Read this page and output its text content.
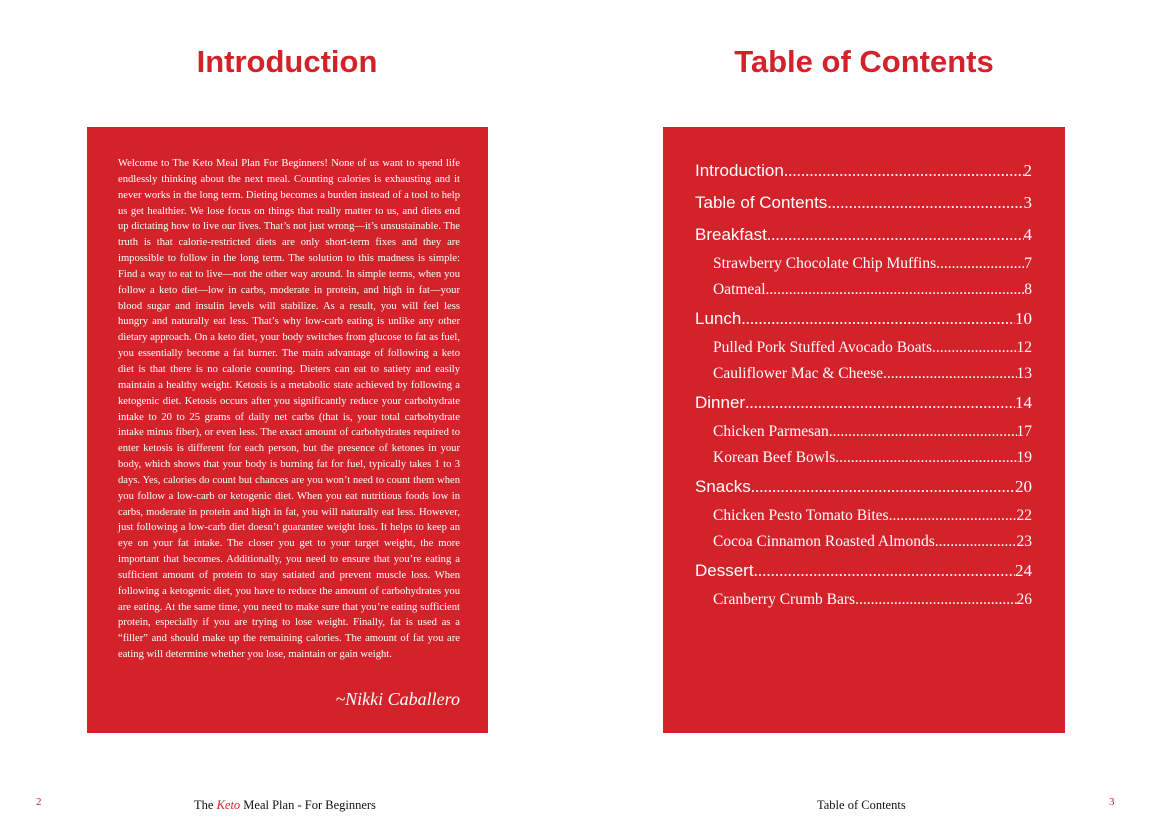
Introduction	Table of Contents

Welcome to The Keto Meal Plan For Beginners! None of us want to spend life endlessly thinking about the next meal. Counting calories is exhausting and it never works in the long term. Dieting becomes a burden instead of a tool to help us get healthier. We lose focus on things that really matter to us, and diets end up dictating how to live our lives. That’s not just wrong—it’s unsustainable. The truth is that calorie-restricted diets are only short-term fixes and they are impossible to follow in the long term. The solution to this madness is simple: Find a way to eat to live—not the other way around. In simple terms, when you follow a keto diet—low in carbs, moderate in protein, and high in fat—your blood sugar and insulin levels will stabilize. As a result, you will feel less hungry and naturally eat less. That’s why low-carb eating is unlike any other dietary approach. On a keto diet, your body switches from glucose to fat as fuel, you essentially become a fat burner. The main advantage of following a keto diet is that there is no calorie counting. Dieters can eat to satiety and easily maintain a healthy weight. Ketosis is a metabolic state achieved by following a ketogenic diet. Ketosis occurs after you significantly reduce your carbohydrate intake to 20 to 25 grams of daily net carbs (that is, your total carbohydrate intake minus fiber), or even less. The exact amount of carbohydrates required to enter ketosis is different for each person, but the presence of ketones in your body, which shows that your body is burning fat for fuel, typically takes 1 to 3 days. Yes, calories do count but chances are you won’t need to count them when you follow a low-carb or ketogenic diet. When you eat nutritious foods low in carbs, moderate in protein and high in fat, you will naturally eat less. However, just following a low-carb diet doesn’t guarantee weight loss. It helps to keep an eye on your fat intake. The closer you get to your target weight, the more important that becomes. Additionally, you need to ensure that you’re eating a sufficient amount of protein to stay satiated and prevent muscle loss. When following a ketogenic diet, you have to reduce the amount of carbohydrates you are eating. At the same time, you need to make sure that you’re eating sufficient protein, especially if you are trying to lose weight. Finally, fat is used as a “filler” and should make up the remaining calories. The amount of fat you are eating will determine whether you lose, maintain or gain weight.

~Nikki Caballero
Introduction .....	2
Table of Contents .....	3
Breakfast .....	4
Strawberry Chocolate Chip Muffins .....	7
Oatmeal .....	8
Lunch .....	10
Pulled Pork Stuffed Avocado Boats .....	12
Cauliflower Mac & Cheese .....	13
Dinner .....	14
Chicken Parmesan .....	17
Korean Beef Bowls .....	19
Snacks .....	20
Chicken Pesto Tomato Bites .....	22
Cocoa Cinnamon Roasted Almonds .....	23
Dessert .....	24
Cranberry Crumb Bars .....	26
2	The Keto Meal Plan - For Beginners	Table of Contents	3
